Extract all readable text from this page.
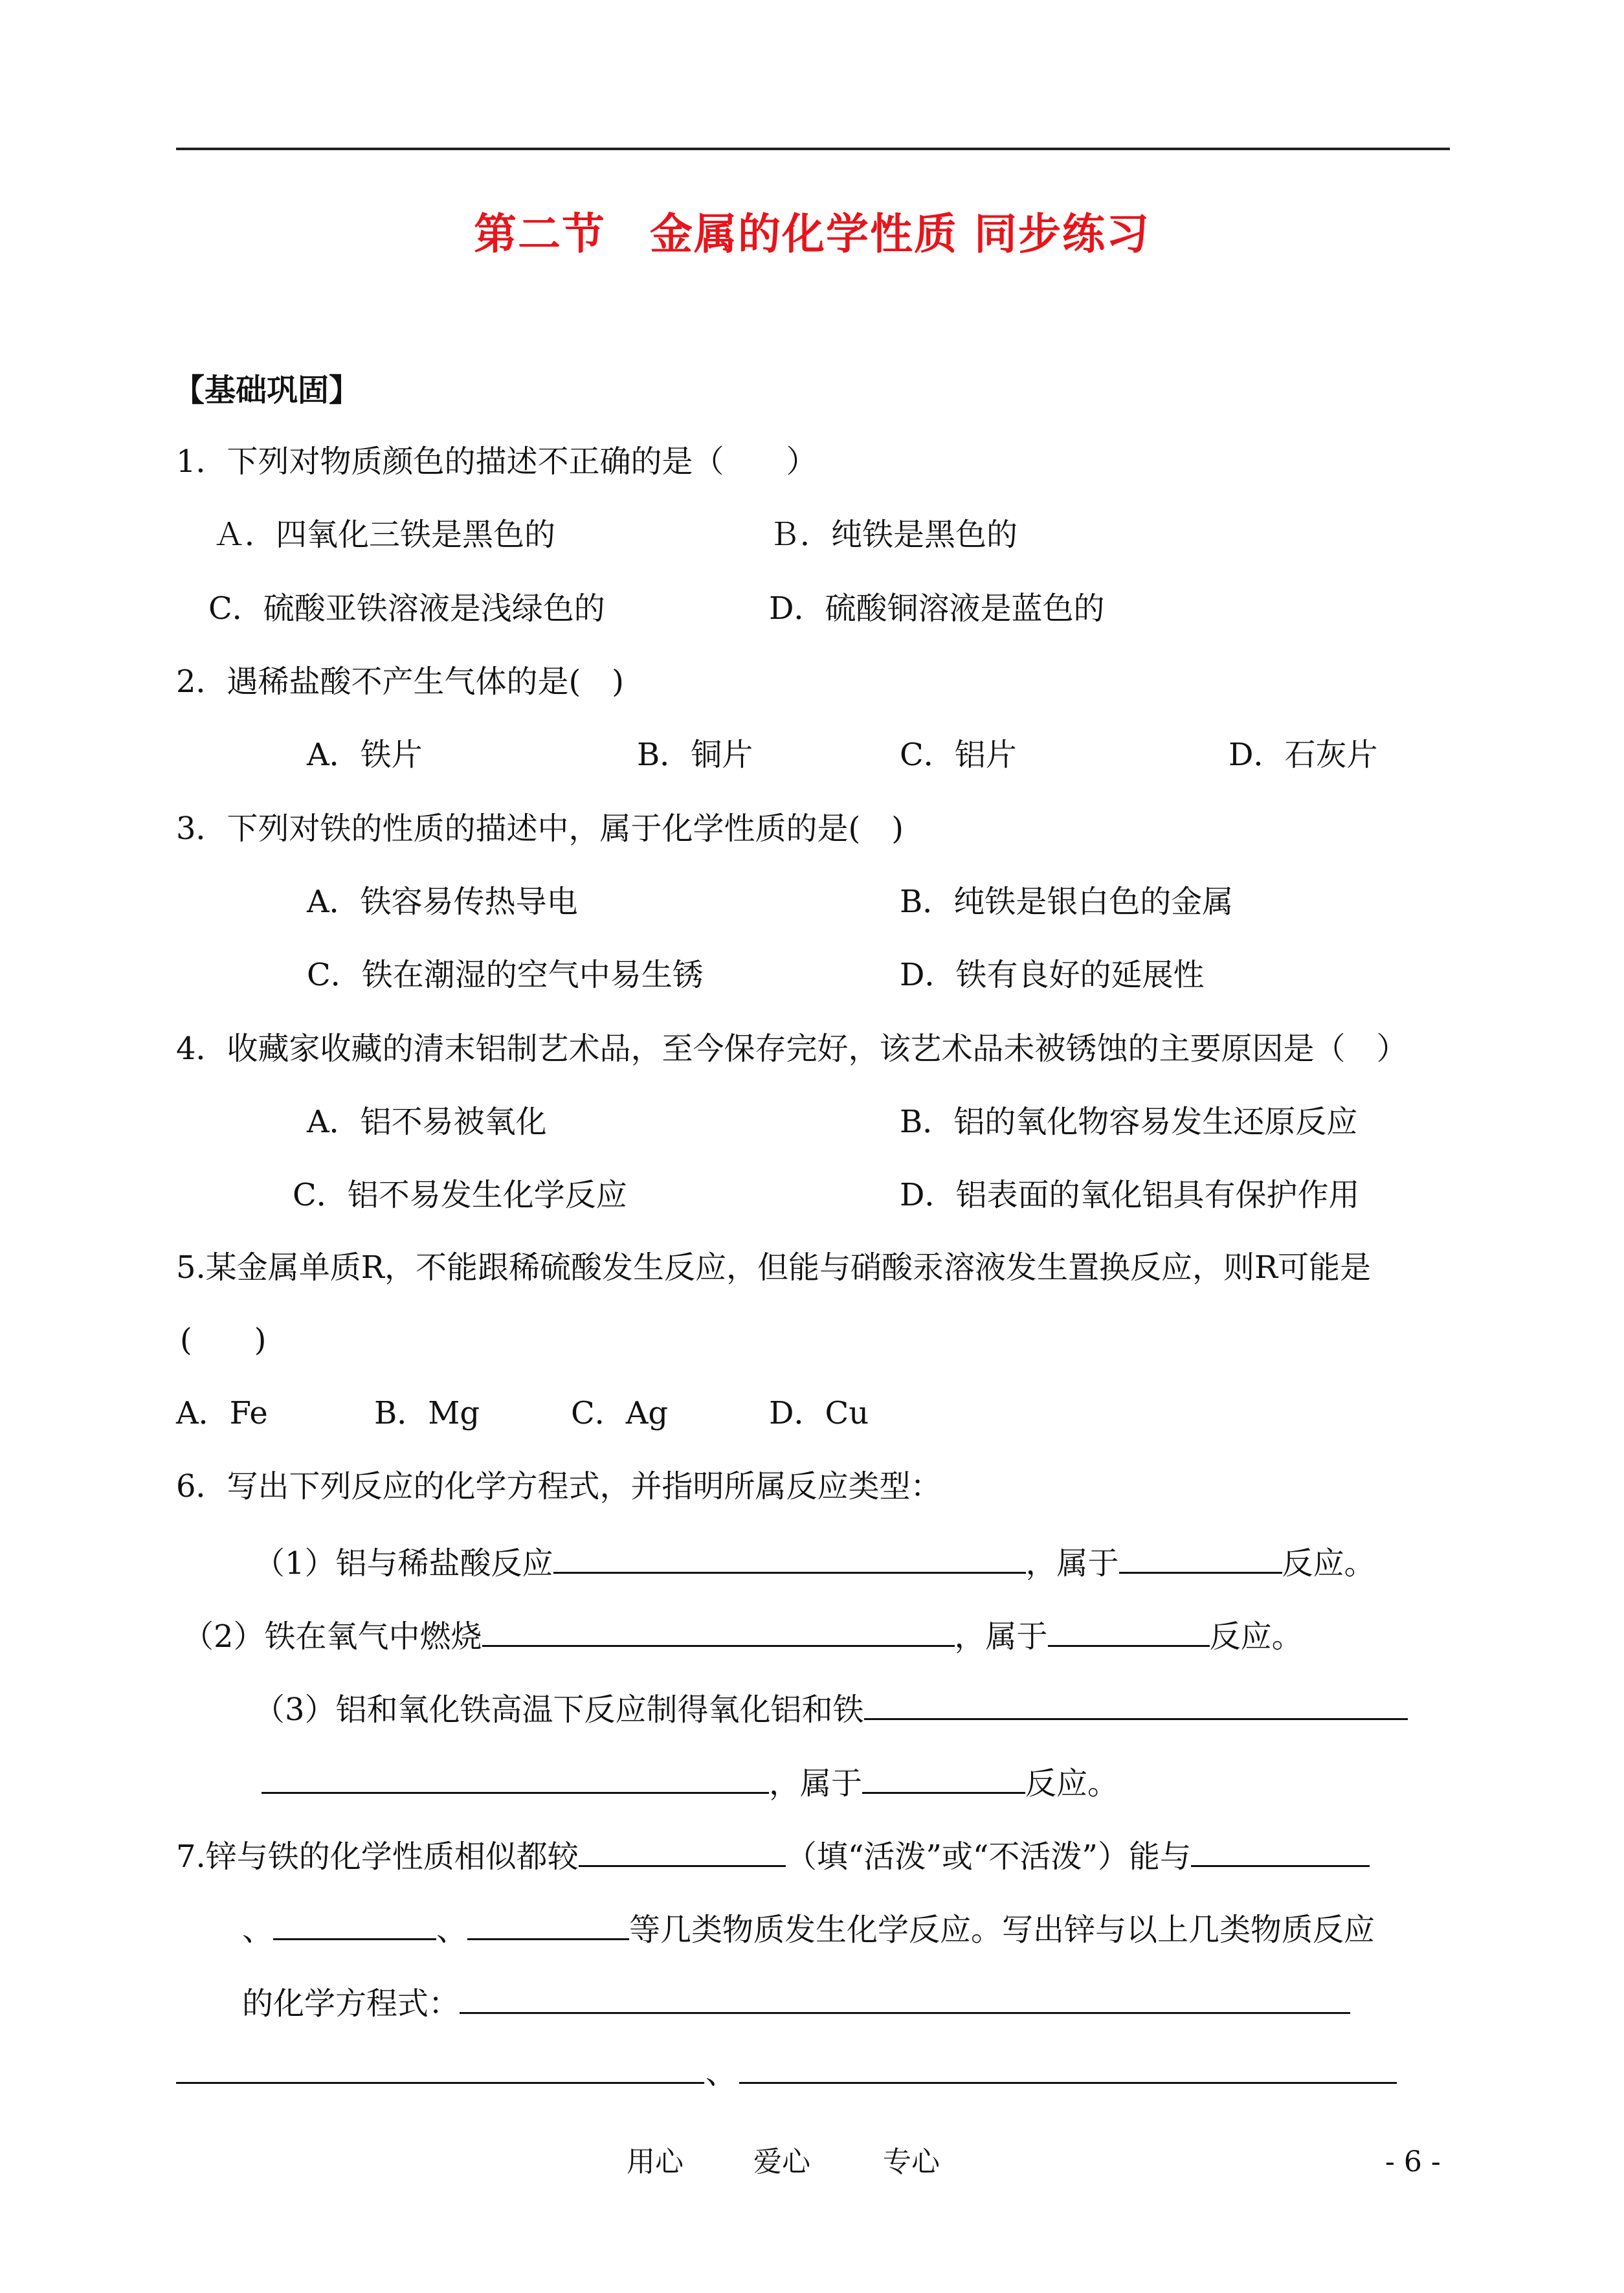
第二节　金属的化学性质 同步练习
【基础巩固】
1．下列对物质颜色的描述不正确的是（　　）
Ａ．四氧化三铁是黑色的	Ｂ．纯铁是黑色的
C．硫酸亚铁溶液是浅绿色的	D．硫酸铜溶液是蓝色的
2．遇稀盐酸不产生气体的是(　)
A．铁片	B．铜片	C．铝片	D．石灰片
3．下列对铁的性质的描述中，属于化学性质的是(　)
A．铁容易传热导电	B．纯铁是银白色的金属
C．铁在潮湿的空气中易生锈	D．铁有良好的延展性
4．收藏家收藏的清末铝制艺术品，至今保存完好，该艺术品未被锈蚀的主要原因是（　）
A．铝不易被氧化	B．铝的氧化物容易发生还原反应
C．铝不易发生化学反应	D．铝表面的氧化铝具有保护作用
5.某金属单质R，不能跟稀硫酸发生反应，但能与硝酸汞溶液发生置换反应，则R可能是
(　　)
A．Fe	B．Mg	C．Ag	D．Cu
6．写出下列反应的化学方程式，并指明所属反应类型：
（1）铝与稀盐酸反应	，属于	反应。
（2）铁在氧气中燃烧	，属于	反应。
（3）铝和氧化铁高温下反应制得氧化铝和铁
，属于	反应。
7.锌与铁的化学性质相似都较	（填“活泼”或“不活泼”）能与
、	、	等几类物质发生化学反应。写出锌与以上几类物质反应
的化学方程式：
、
用心 爱心	专心	- 6 -
